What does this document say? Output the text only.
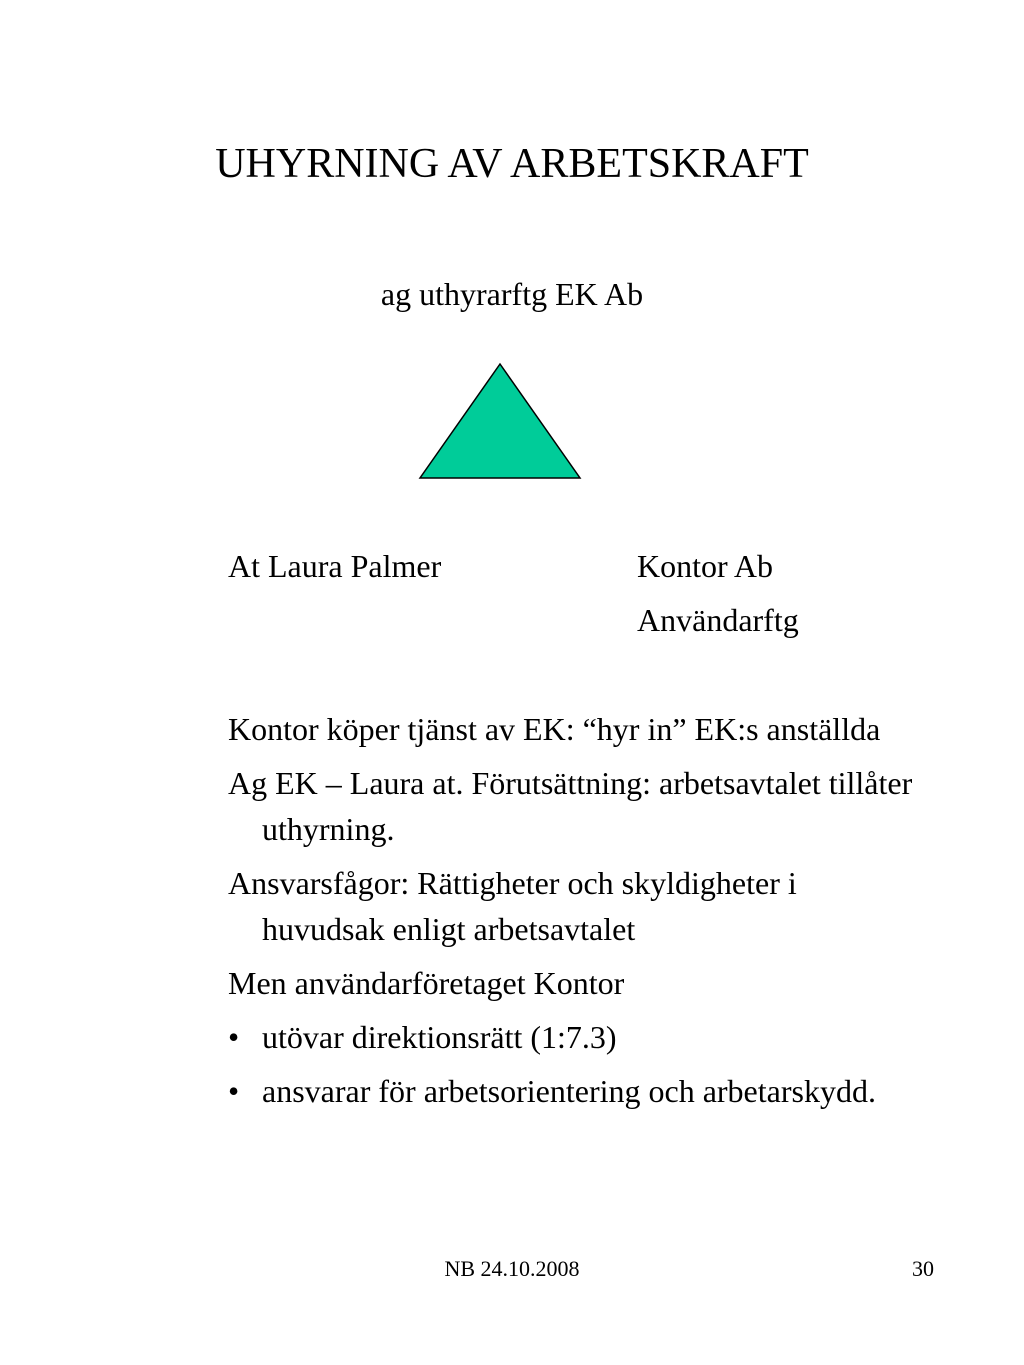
UHYRNING AV ARBETSKRAFT
ag uthyrarftg EK Ab
At Laura Palmer	Kontor Ab
Användarftg
Kontor köper tjänst av EK: “hyr in” EK:s anställda
Ag EK – Laura at. Förutsättning: arbetsavtalet tillåter uthyrning.
Ansvarsfågor: Rättigheter och skyldigheter i huvudsak enligt arbetsavtalet
Men användarföretaget Kontor
• utövar direktionsrätt (1:7.3)
• ansvarar för arbetsorientering och arbetarskydd.
NB 24.10.2008	30
